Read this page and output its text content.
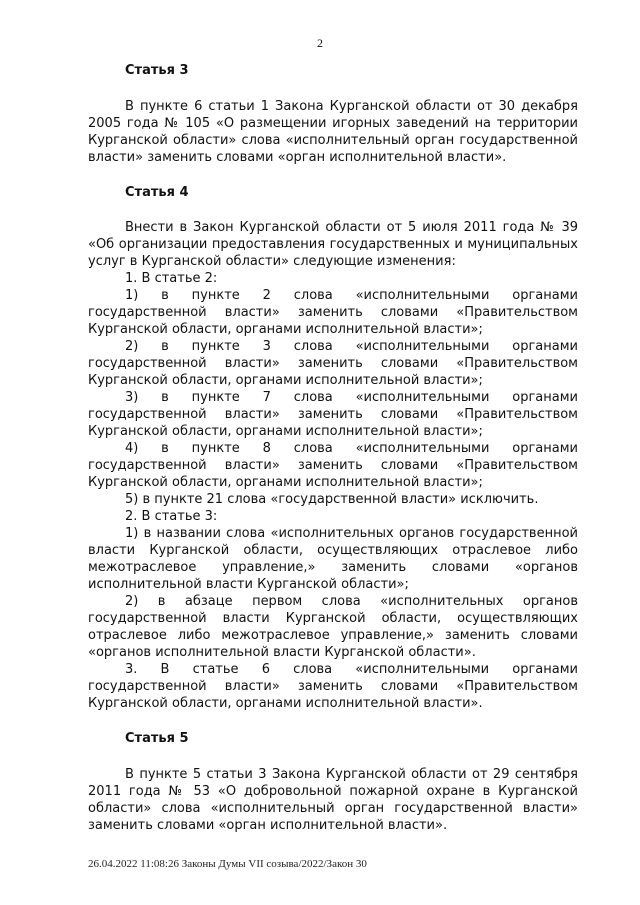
2
Статья 3

В пункте 6 статьи 1 Закона Курганской области от 30 декабря 2005 года № 105 «О размещении игорных заведений на территории Курганской области» слова «исполнительный орган государственной власти» заменить словами «орган исполнительной власти».

Статья 4

Внести в Закон Курганской области от 5 июля 2011 года № 39 «Об организации предоставления государственных и муниципальных услуг в Курганской области» следующие изменения:

1. В статье 2:

1) в пункте 2 слова «исполнительными органами государственной власти» заменить словами «Правительством Курганской области, органами исполнительной власти»;

2) в пункте 3 слова «исполнительными органами государственной власти» заменить словами «Правительством Курганской области, органами исполнительной власти»;

3) в пункте 7 слова «исполнительными органами государственной власти» заменить словами «Правительством Курганской области, органами исполнительной власти»;

4) в пункте 8 слова «исполнительными органами государственной власти» заменить словами «Правительством Курганской области, органами исполнительной власти»;

5) в пункте 21 слова «государственной власти» исключить.

2. В статье 3:

1) в названии слова «исполнительных органов государственной власти Курганской области, осуществляющих отраслевое либо межотраслевое управление,» заменить словами «органов исполнительной власти Курганской области»;

2) в абзаце первом слова «исполнительных органов государственной власти Курганской области, осуществляющих отраслевое либо межотраслевое управление,» заменить словами «органов исполнительной власти Курганской области».

3. В статье 6 слова «исполнительными органами государственной власти» заменить словами «Правительством Курганской области, органами исполнительной власти».

Статья 5

В пункте 5 статьи 3 Закона Курганской области от 29 сентября 2011 года № 53 «О добровольной пожарной охране в Курганской области» слова «исполнительный орган государственной власти» заменить словами «орган исполнительной власти».

26.04.2022 11:08:26 Законы Думы VII созыва/2022/Закон 30
